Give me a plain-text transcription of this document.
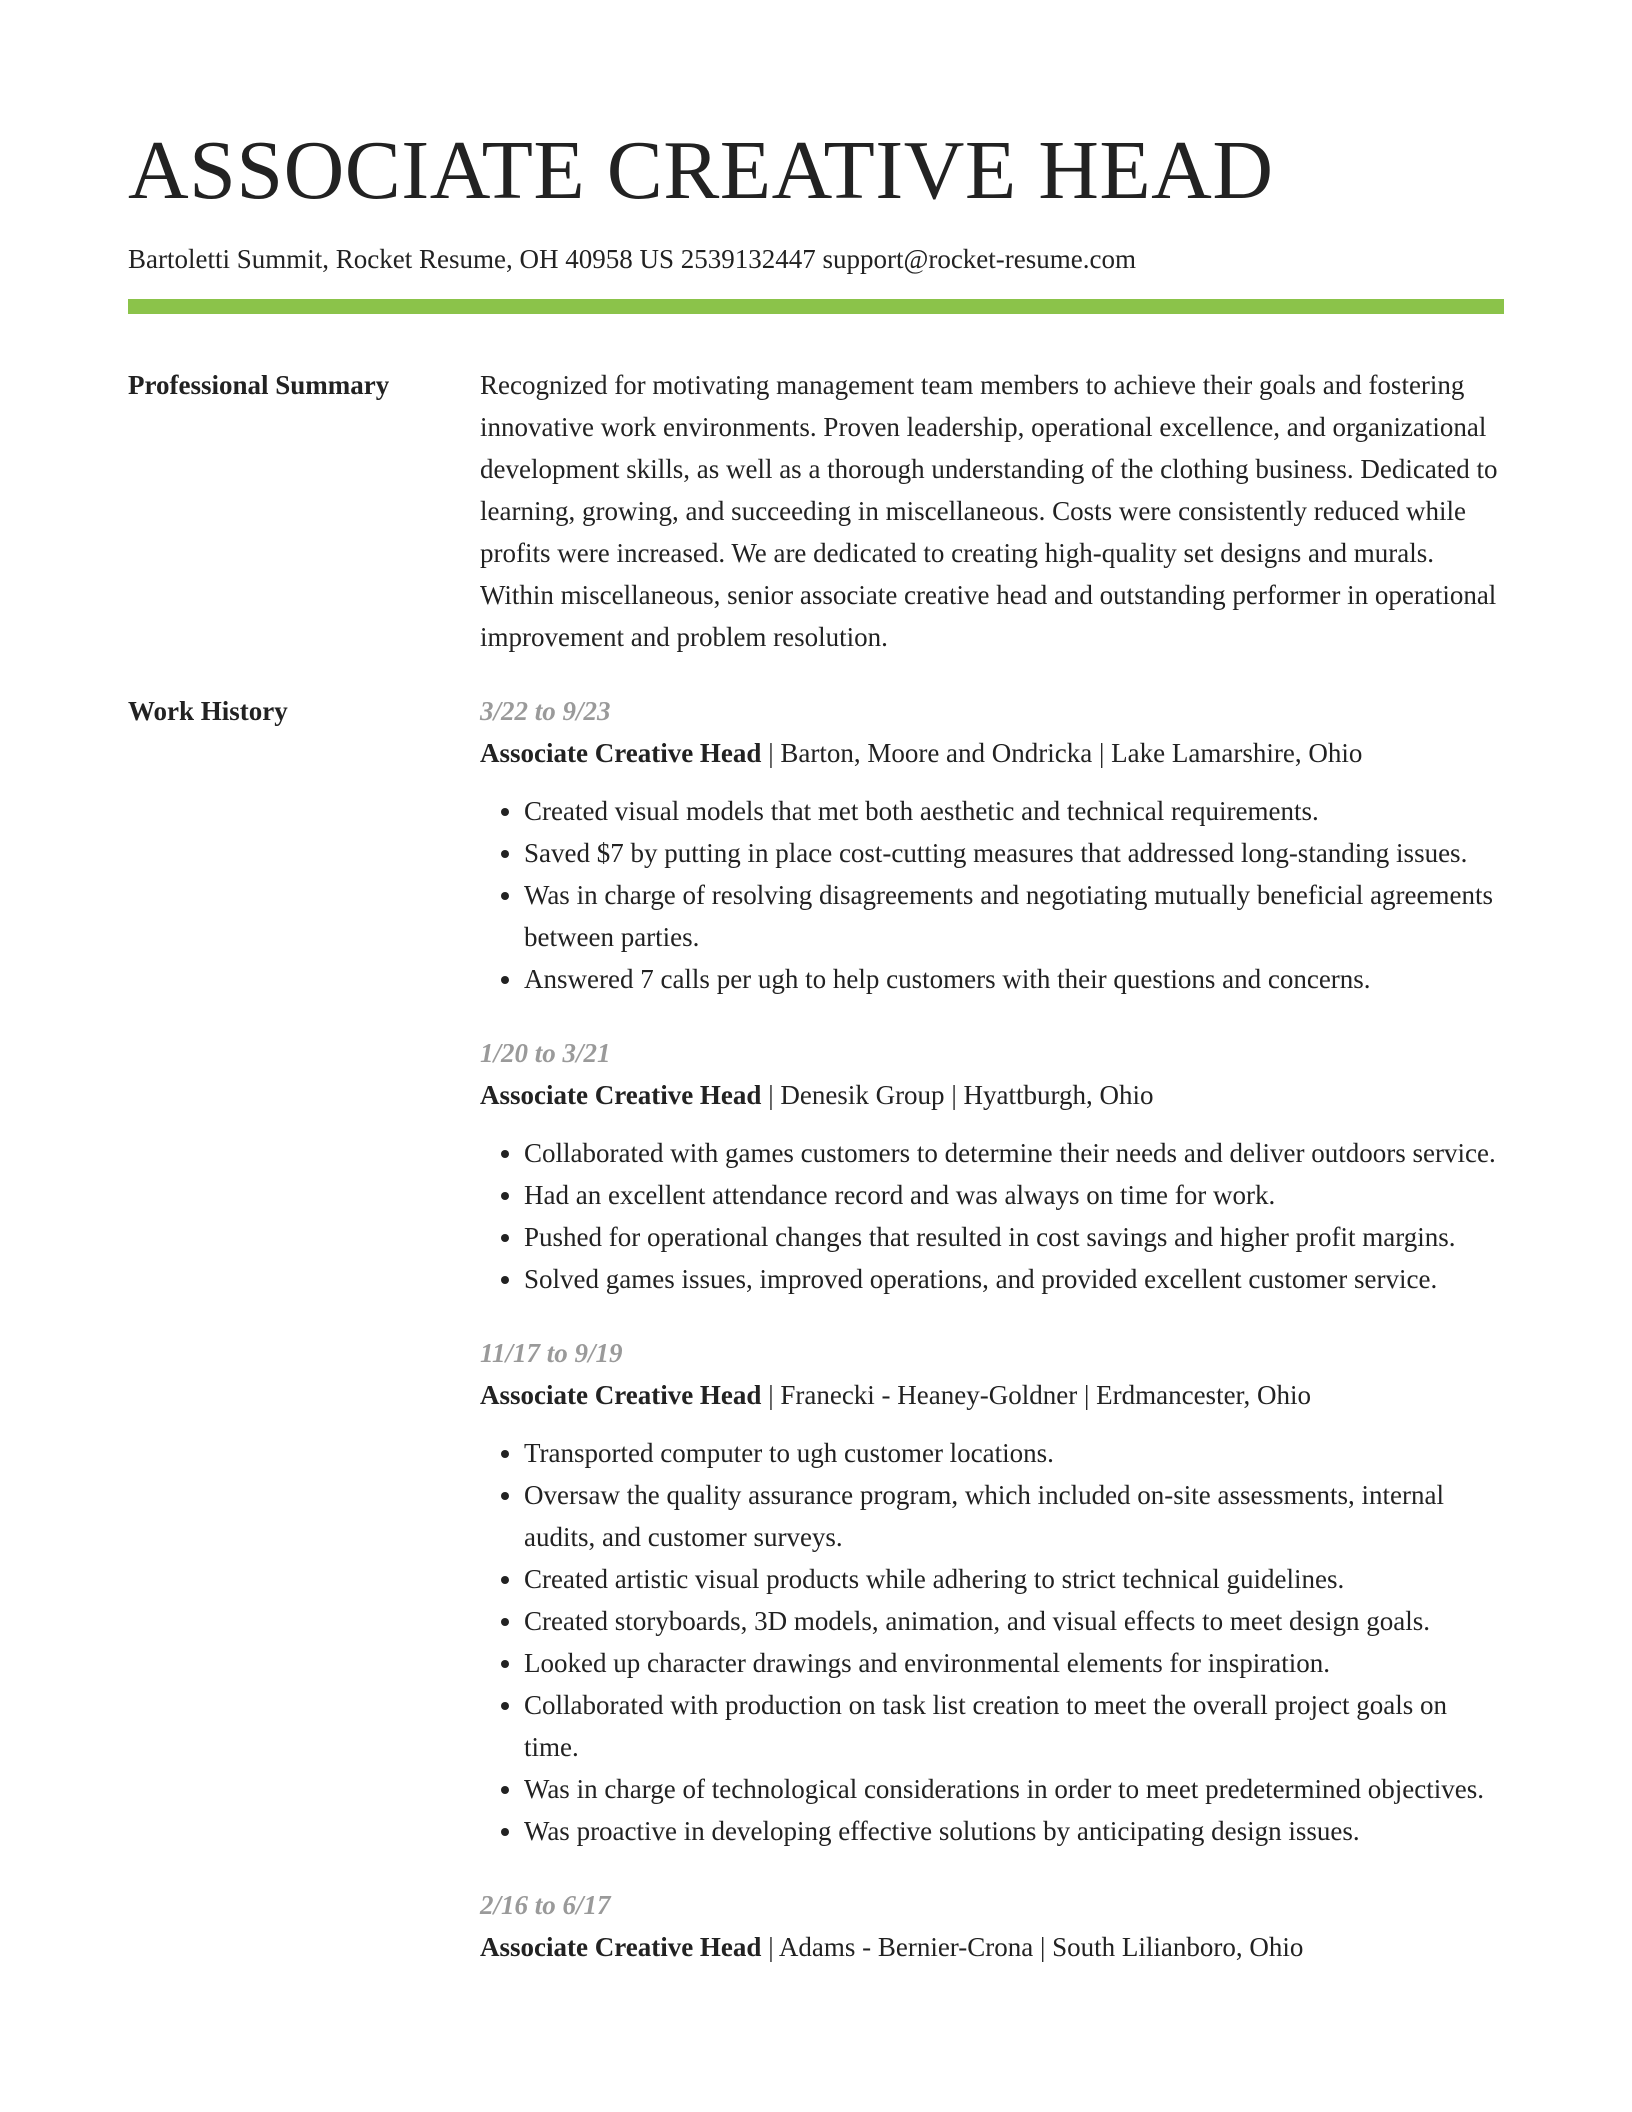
ASSOCIATE CREATIVE HEAD
Bartoletti Summit, Rocket Resume, OH 40958 US 2539132447 support@rocket-resume.com
Professional Summary	Recognized for motivating management team members to achieve their goals and fostering innovative work environments. Proven leadership, operational excellence, and organizational development skills, as well as a thorough understanding of the clothing business. Dedicated to learning, growing, and succeeding in miscellaneous. Costs were consistently reduced while profits were increased. We are dedicated to creating high-quality set designs and murals. Within miscellaneous, senior associate creative head and outstanding performer in operational improvement and problem resolution.

Work History	3/22 to 9/23
Associate Creative Head | Barton, Moore and Ondricka | Lake Lamarshire, Ohio
• Created visual models that met both aesthetic and technical requirements.
• Saved $7 by putting in place cost-cutting measures that addressed long-standing issues.
• Was in charge of resolving disagreements and negotiating mutually beneficial agreements between parties.
• Answered 7 calls per ugh to help customers with their questions and concerns.
1/20 to 3/21
Associate Creative Head | Denesik Group | Hyattburgh, Ohio
• Collaborated with games customers to determine their needs and deliver outdoors service.
• Had an excellent attendance record and was always on time for work.
• Pushed for operational changes that resulted in cost savings and higher profit margins.
• Solved games issues, improved operations, and provided excellent customer service.
11/17 to 9/19
Associate Creative Head | Franecki - Heaney-Goldner | Erdmancester, Ohio
• Transported computer to ugh customer locations.
• Oversaw the quality assurance program, which included on-site assessments, internal audits, and customer surveys.
• Created artistic visual products while adhering to strict technical guidelines.
• Created storyboards, 3D models, animation, and visual effects to meet design goals.
• Looked up character drawings and environmental elements for inspiration.
• Collaborated with production on task list creation to meet the overall project goals on time.
• Was in charge of technological considerations in order to meet predetermined objectives.
• Was proactive in developing effective solutions by anticipating design issues.
2/16 to 6/17
Associate Creative Head | Adams - Bernier-Crona | South Lilianboro, Ohio
